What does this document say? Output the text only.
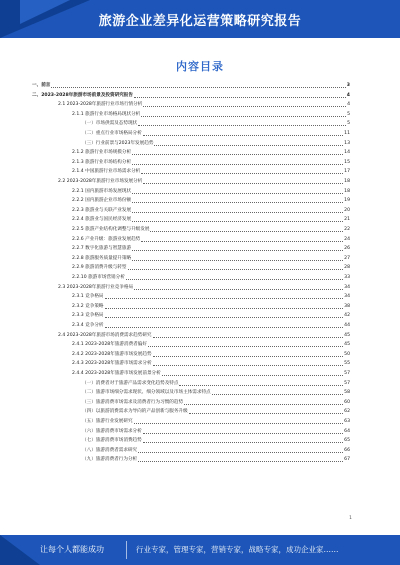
旅游企业差异化运营策略研究报告
内容目录
一、前言	3
二、2023-2028年旅游市场前景及投资研究报告	4
2.1 2023-2028年旅游行业市场行情分析	4
2.1.1 旅游行业市场格局现状分析	5
（一）市场供需及态势现状	5
（二）重点行业市场格局分析	11
（三）行业前景与2023年发展趋势	13
2.1.2 旅游行业市场规模分析	14
2.1.3 旅游行业市场结构分析	15
2.1.4 中国旅游行业市场需求分析	17
2.2 2023-2028年旅游行业市场发展分析	18
2.2.1 国内旅游市场发展现状	18
2.2.2 国内旅游企业市场份额	19
2.2.3 旅游业与关联产业发展	20
2.2.4 旅游业与国民经济发展	21
2.2.5 旅游产业结构化调整与升级发展	22
2.2.6 产业升级：旅游业发展趋势	24
2.2.7 数字化旅游与智慧旅游	26
2.2.8 旅游服务质量提升策略	27
2.2.9 旅游消费升级与转型	28
2.2.10 旅游市场营销分析	33
2.3 2023-2028年旅游行业竞争格局	34
2.3.1 竞争格局	34
2.3.2 竞争策略	38
2.3.3 竞争格局	42
2.3.4 竞争分析	44
2.4 2023-2028年旅游市场消费需求趋势研究	45
2.4.1 2023-2028年旅游消费者偏好	45
2.4.2 2023-2028年旅游市场发展趋势	50
2.4.3 2023-2028年旅游市场需求分析	55
2.4.4 2023-2028年旅游市场发展前景分析	57
（一）消费者对于旅游产品需求变化趋势及特点	57
（二）旅游市场细分需求现状、细分领域以及市场主体需求特点	58
（三）旅游消费市场需求及消费者行为习惯的趋势	60
（四）以旅游消费需求为导向的产品创新与服务升级	62
（五）旅游行业发展研究	63
（六）旅游消费市场需求分析	64
（七）旅游消费市场消费趋势	65
（八）旅游消费者需求研究	66
（九）旅游消费者行为分析	67
1
让每个人都能成功	行业专家，管理专家，营销专家，战略专家，成功企业家……
